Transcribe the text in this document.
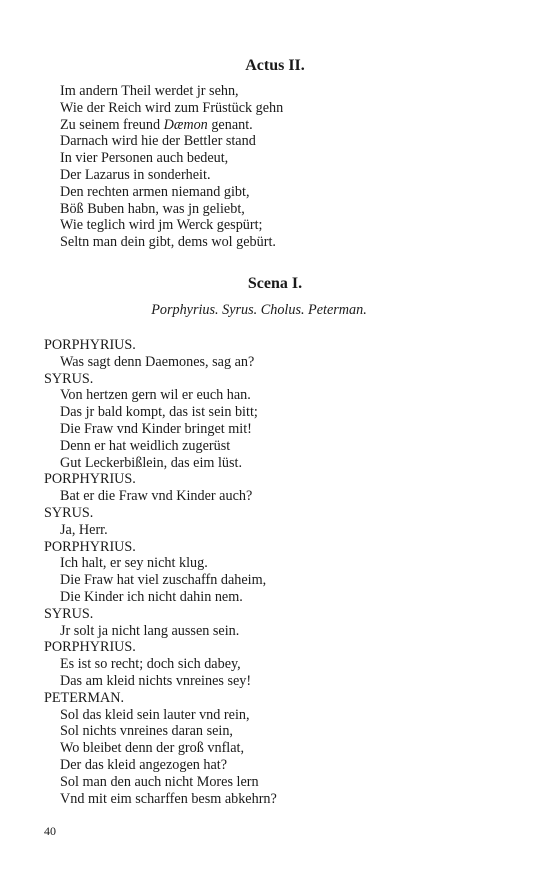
Actus II.
Im andern Theil werdet jr sehn,
Wie der Reich wird zum Früstück gehn
Zu seinem freund Dæmon genant.
Darnach wird hie der Bettler stand
In vier Personen auch bedeut,
Der Lazarus in sonderheit.
Den rechten armen niemand gibt,
Böß Buben habn, was jn geliebt,
Wie teglich wird jm Werck gespürt;
Seltn man dein gibt, dems wol gebürt.
Scena I.
Porphyrius. Syrus. Cholus. Peterman.
PORPHYRIUS.
Was sagt denn Daemones, sag an?
SYRUS.
Von hertzen gern wil er euch han.
Das jr bald kompt, das ist sein bitt;
Die Fraw vnd Kinder bringet mit!
Denn er hat weidlich zugerüst
Gut Leckerbißlein, das eim lüst.
PORPHYRIUS.
Bat er die Fraw vnd Kinder auch?
SYRUS.
Ja, Herr.
PORPHYRIUS.
Ich halt, er sey nicht klug.
Die Fraw hat viel zuschaffn daheim,
Die Kinder ich nicht dahin nem.
SYRUS.
Jr solt ja nicht lang aussen sein.
PORPHYRIUS.
Es ist so recht; doch sich dabey,
Das am kleid nichts vnreines sey!
PETERMAN.
Sol das kleid sein lauter vnd rein,
Sol nichts vnreines daran sein,
Wo bleibet denn der groß vnflat,
Der das kleid angezogen hat?
Sol man den auch nicht Mores lern
Vnd mit eim scharffen besm abkehrn?
40
